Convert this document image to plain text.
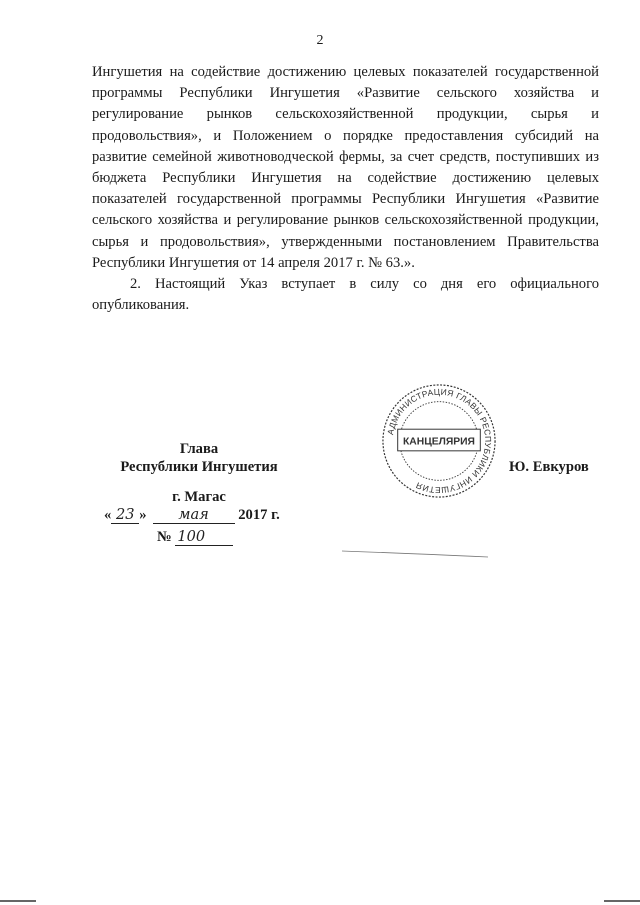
2

Ингушетия на содействие достижению целевых показателей государственной программы Республики Ингушетия «Развитие сельского хозяйства и регулирование рынков сельскохозяйственной продукции, сырья и продовольствия», и Положением о порядке предоставления субсидий на развитие семейной животноводческой фермы, за счет средств, поступивших из бюджета Республики Ингушетия на содействие достижению целевых показателей государственной программы Республики Ингушетия «Развитие сельского хозяйства и регулирование рынков сельскохозяйственной продукции, сырья и продовольствия», утвержденными постановлением Правительства Республики Ингушетия от 14 апреля 2017 г. № 63.».

2. Настоящий Указ вступает в силу со дня его официального опубликования.

Глава
Республики Ингушетия
г. Магас
« 23 » мая 2017 г.
№ 100
АДМИНИСТРАЦИЯ ГЛАВЫ РЕСПУБЛИКИ ИНГУШЕТИЯ
КАНЦЕЛЯРИЯ
Ю. Евкуров
